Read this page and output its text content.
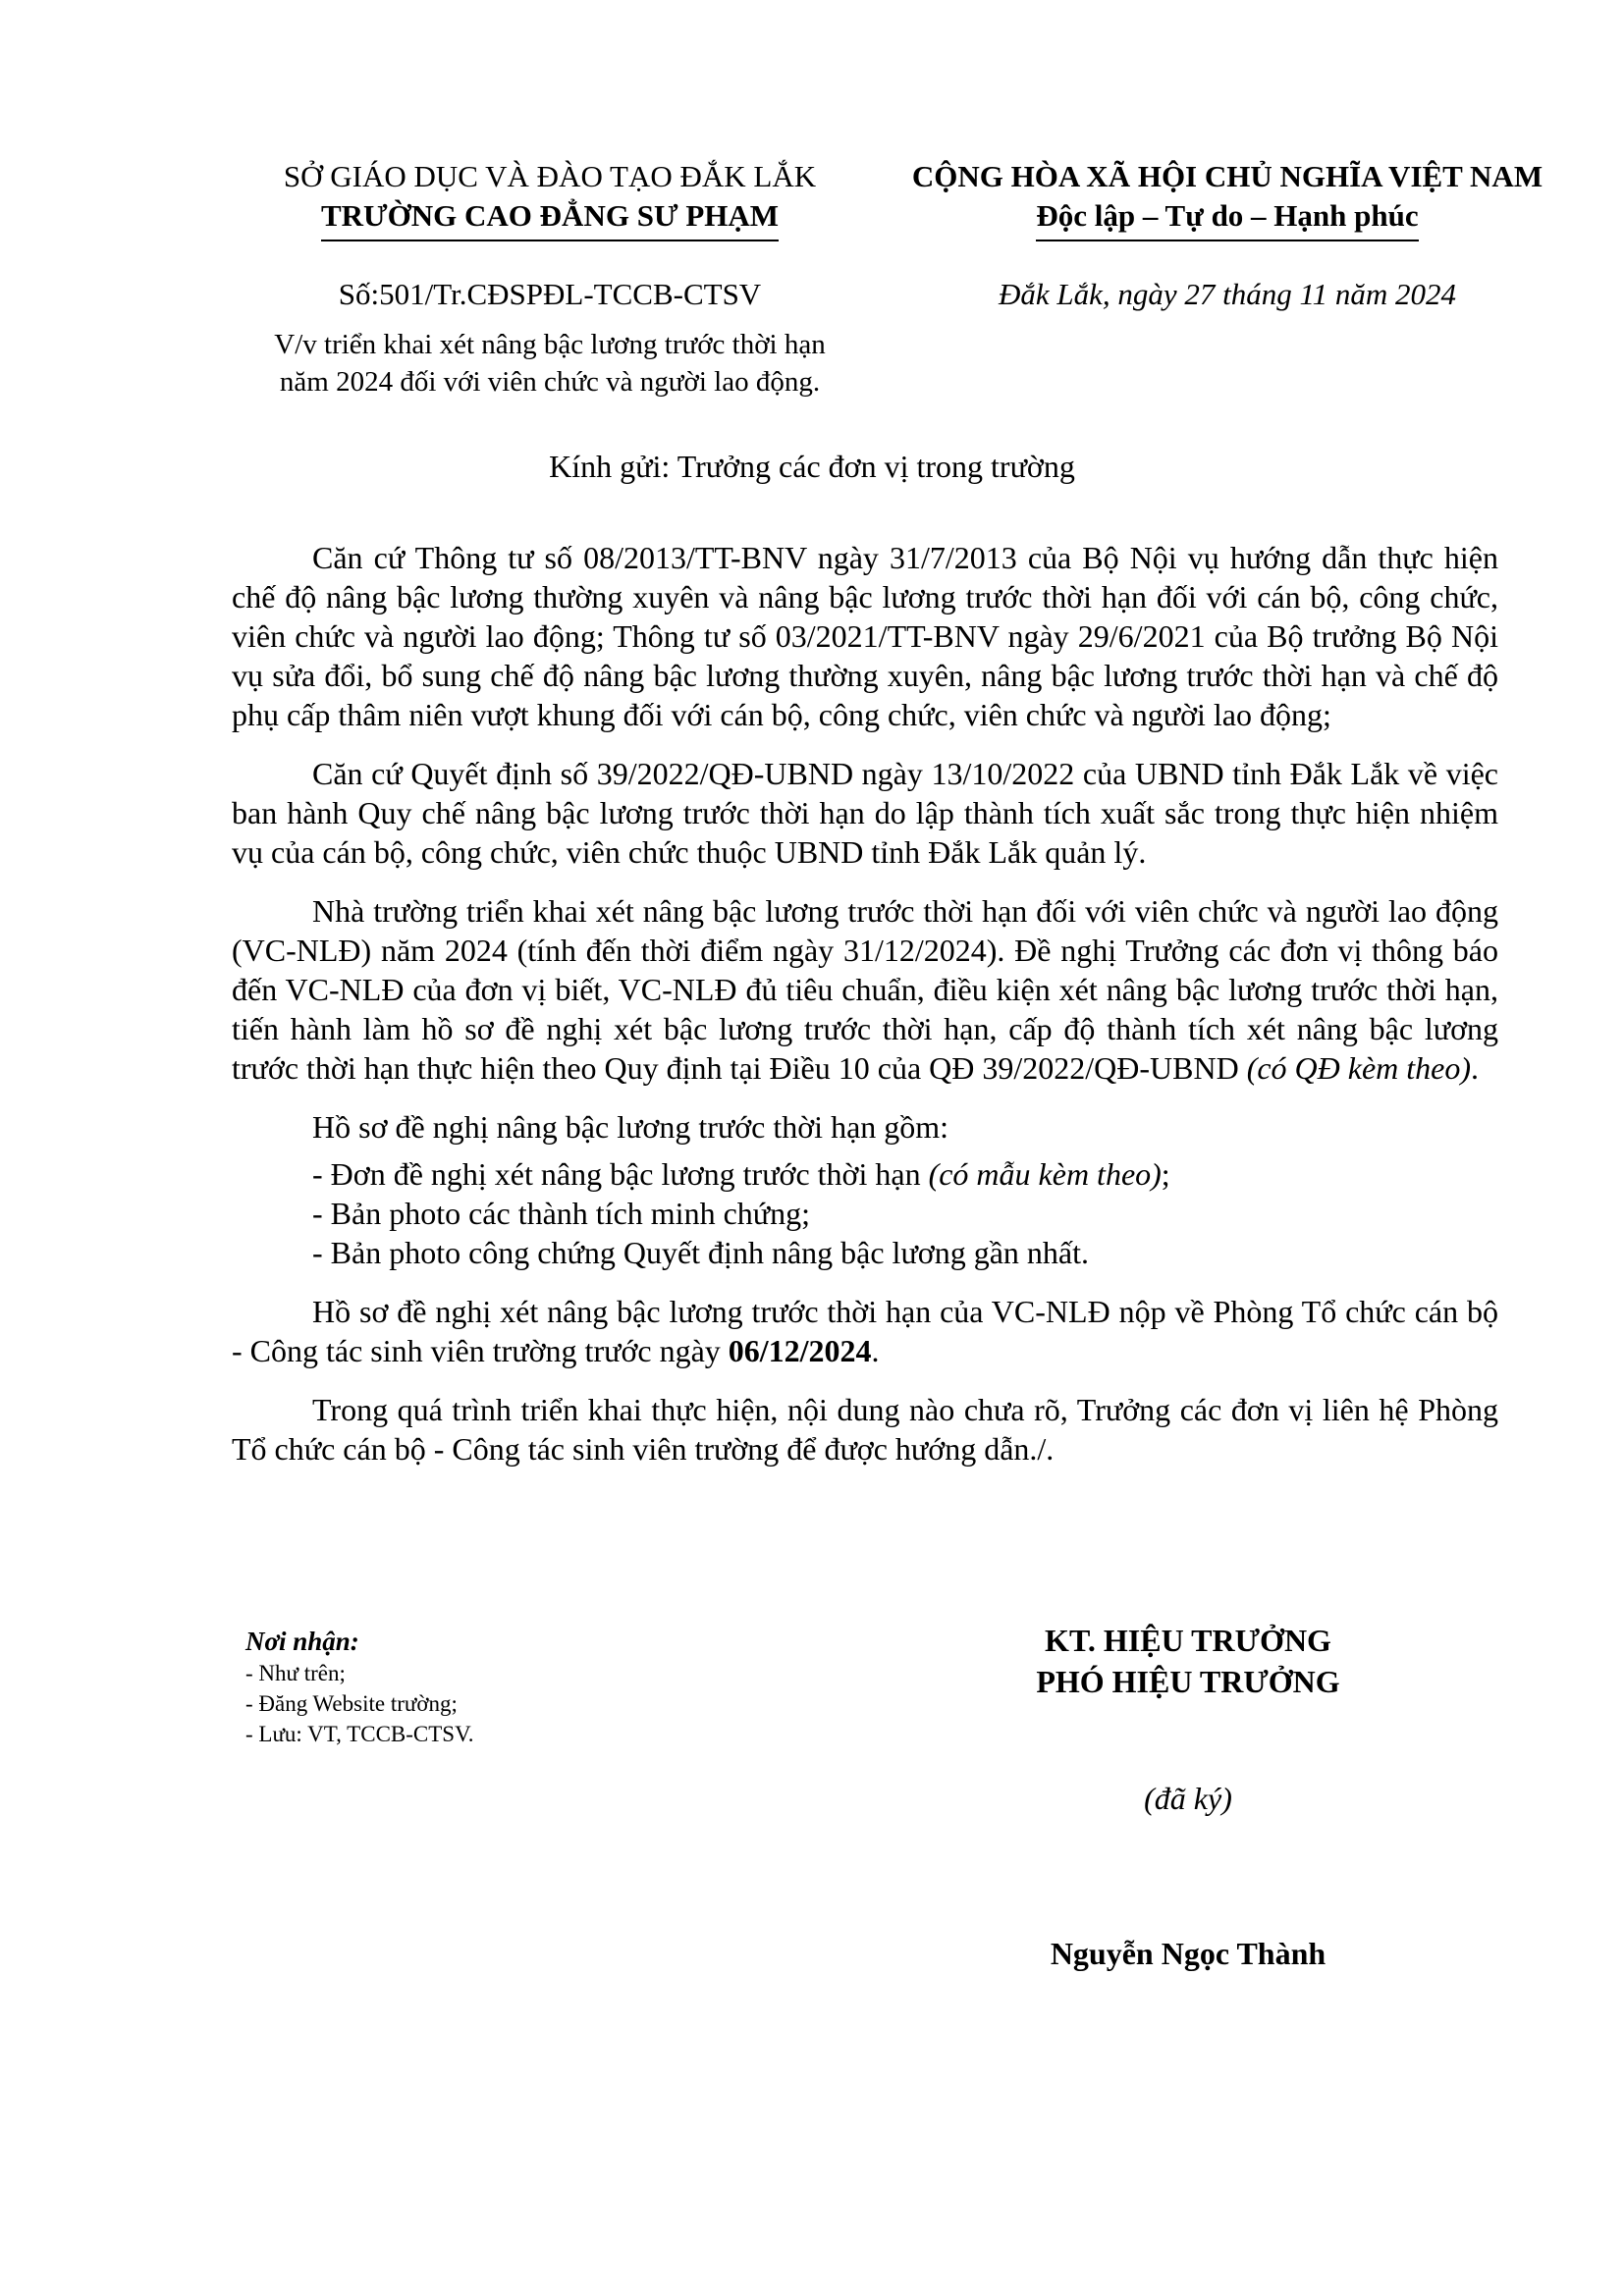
SỞ GIÁO DỤC VÀ ĐÀO TẠO ĐẮK LẮK
TRƯỜNG CAO ĐẲNG SƯ PHẠM
CỘNG HÒA XÃ HỘI CHỦ NGHĨA VIỆT NAM
Độc lập – Tự do – Hạnh phúc
Số:501/Tr.CĐSPĐL-TCCB-CTSV
V/v triển khai xét nâng bậc lương trước thời hạn
năm 2024 đối với viên chức và người lao động.
Đắk Lắk, ngày 27 tháng 11 năm 2024
Kính gửi: Trưởng các đơn vị trong trường

Căn cứ Thông tư số 08/2013/TT-BNV ngày 31/7/2013 của Bộ Nội vụ hướng dẫn thực hiện chế độ nâng bậc lương thường xuyên và nâng bậc lương trước thời hạn đối với cán bộ, công chức, viên chức và người lao động; Thông tư số 03/2021/TT-BNV ngày 29/6/2021 của Bộ trưởng Bộ Nội vụ sửa đổi, bổ sung chế độ nâng bậc lương thường xuyên, nâng bậc lương trước thời hạn và chế độ phụ cấp thâm niên vượt khung đối với cán bộ, công chức, viên chức và người lao động;

Căn cứ Quyết định số 39/2022/QĐ-UBND ngày 13/10/2022 của UBND tỉnh Đắk Lắk về việc ban hành Quy chế nâng bậc lương trước thời hạn do lập thành tích xuất sắc trong thực hiện nhiệm vụ của cán bộ, công chức, viên chức thuộc UBND tỉnh Đắk Lắk quản lý.

Nhà trường triển khai xét nâng bậc lương trước thời hạn đối với viên chức và người lao động (VC-NLĐ) năm 2024 (tính đến thời điểm ngày 31/12/2024). Đề nghị Trưởng các đơn vị thông báo đến VC-NLĐ của đơn vị biết, VC-NLĐ đủ tiêu chuẩn, điều kiện xét nâng bậc lương trước thời hạn, tiến hành làm hồ sơ đề nghị xét bậc lương trước thời hạn, cấp độ thành tích xét nâng bậc lương trước thời hạn thực hiện theo Quy định tại Điều 10 của QĐ 39/2022/QĐ-UBND (có QĐ kèm theo).

Hồ sơ đề nghị nâng bậc lương trước thời hạn gồm:

- Đơn đề nghị xét nâng bậc lương trước thời hạn (có mẫu kèm theo);
- Bản photo các thành tích minh chứng;
- Bản photo công chứng Quyết định nâng bậc lương gần nhất.

Hồ sơ đề nghị xét nâng bậc lương trước thời hạn của VC-NLĐ nộp về Phòng Tổ chức cán bộ - Công tác sinh viên trường trước ngày 06/12/2024.

Trong quá trình triển khai thực hiện, nội dung nào chưa rõ, Trưởng các đơn vị liên hệ Phòng Tổ chức cán bộ - Công tác sinh viên trường để được hướng dẫn./.

Nơi nhận:
- Như trên;
- Đăng Website trường;
- Lưu: VT, TCCB-CTSV.
KT. HIỆU TRƯỞNG
PHÓ HIỆU TRƯỞNG
(đã ký)
Nguyễn Ngọc Thành
